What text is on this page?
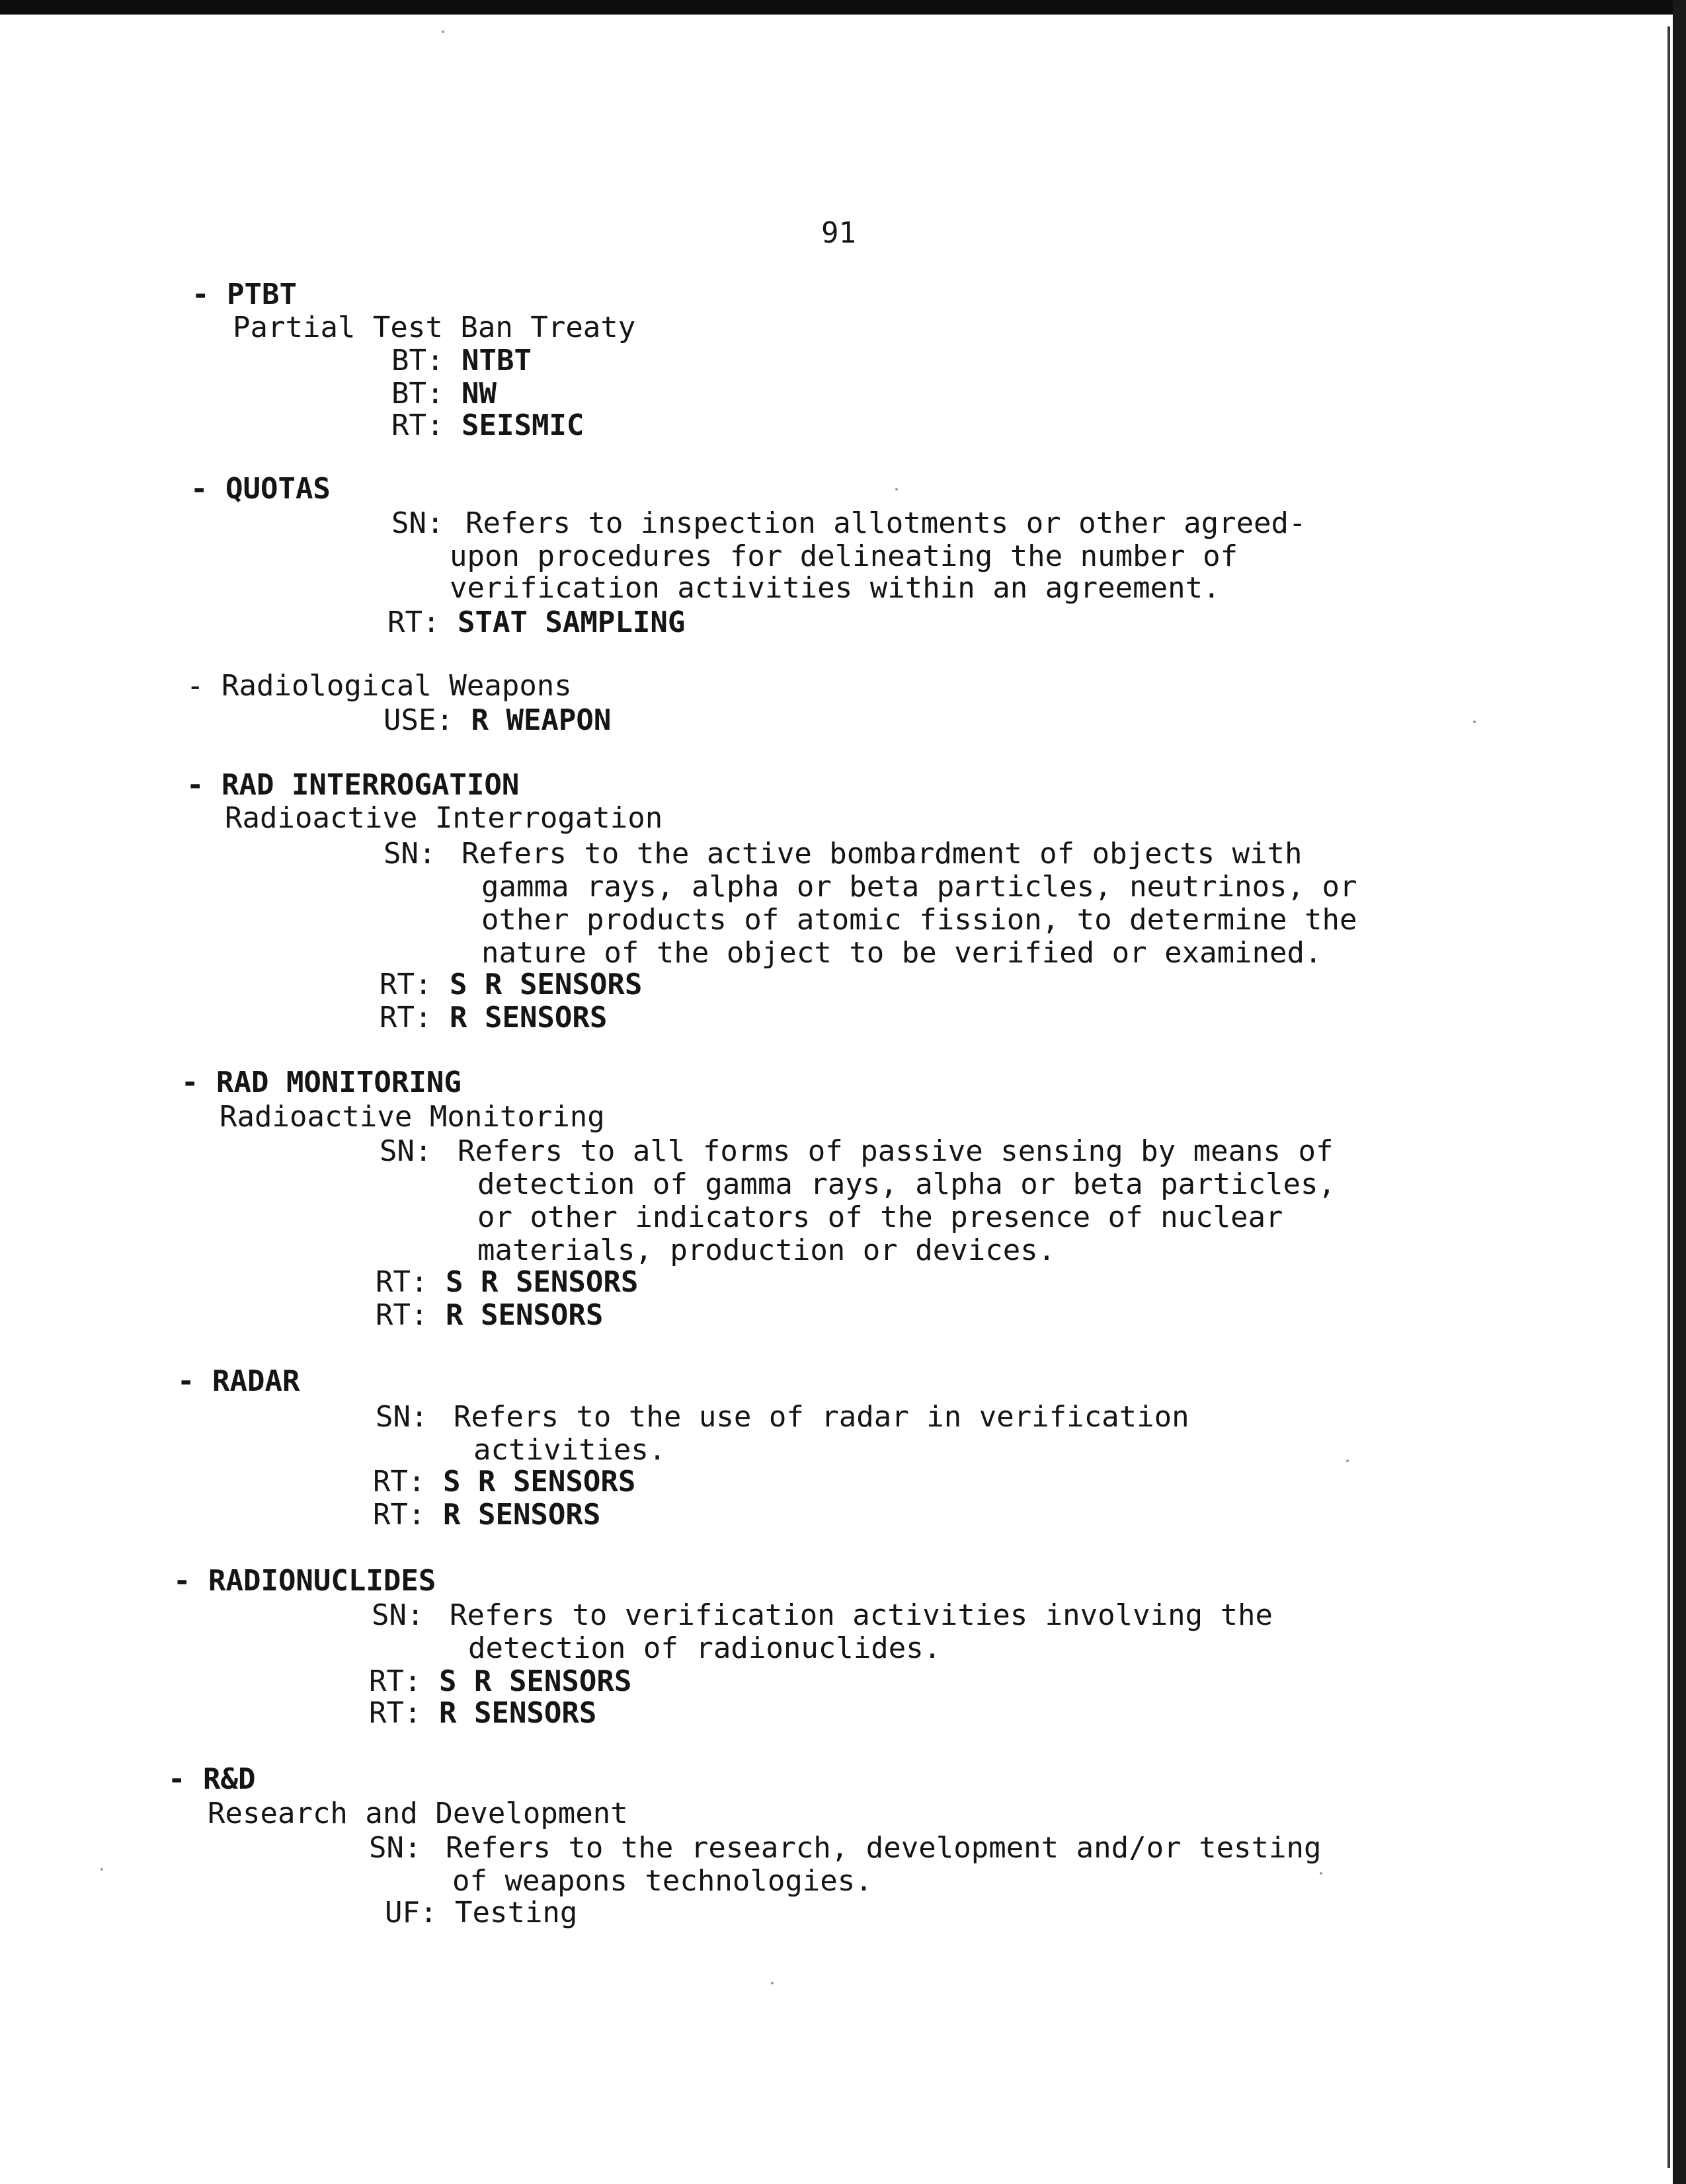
91
- PTBT
Partial Test Ban Treaty
BT: NTBT
BT: NW
RT: SEISMIC
- QUOTAS
SN: Refers to inspection allotments or other agreed-
upon procedures for delineating the number of
verification activities within an agreement.
RT: STAT SAMPLING
- Radiological Weapons
USE: R WEAPON
- RAD INTERROGATION
Radioactive Interrogation
SN: Refers to the active bombardment of objects with
gamma rays, alpha or beta particles, neutrinos, or
other products of atomic fission, to determine the
nature of the object to be verified or examined.
RT: S R SENSORS
RT: R SENSORS
- RAD MONITORING
Radioactive Monitoring
SN: Refers to all forms of passive sensing by means of
detection of gamma rays, alpha or beta particles,
or other indicators of the presence of nuclear
materials, production or devices.
RT: S R SENSORS
RT: R SENSORS
- RADAR
SN: Refers to the use of radar in verification
activities.
RT: S R SENSORS
RT: R SENSORS
- RADIONUCLIDES
SN: Refers to verification activities involving the
detection of radionuclides.
RT: S R SENSORS
RT: R SENSORS
- R&D
Research and Development
SN: Refers to the research, development and/or testing
of weapons technologies.
UF: Testing
